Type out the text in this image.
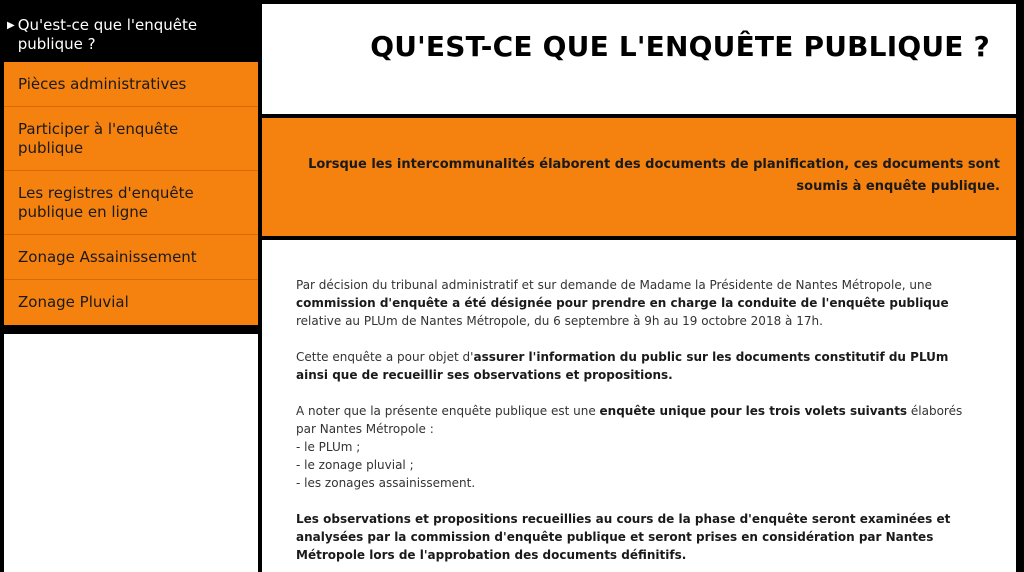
▶ Qu'est-ce que l'enquête publique ?
Pièces administratives
Participer à l'enquête publique
Les registres d'enquête publique en ligne
Zonage Assainissement
Zonage Pluvial
QU'EST-CE QUE L'ENQUÊTE PUBLIQUE ?
Lorsque les intercommunalités élaborent des documents de planification, ces documents sont soumis à enquête publique.

Par décision du tribunal administratif et sur demande de Madame la Présidente de Nantes Métropole, une commission d'enquête a été désignée pour prendre en charge la conduite de l'enquête publique relative au PLUm de Nantes Métropole, du 6 septembre à 9h au 19 octobre 2018 à 17h.

Cette enquête a pour objet d'assurer l'information du public sur les documents constitutif du PLUm ainsi que de recueillir ses observations et propositions.

A noter que la présente enquête publique est une enquête unique pour les trois volets suivants élaborés par Nantes Métropole :
- le PLUm ;
- le zonage pluvial ;
- les zonages assainissement.

Les observations et propositions recueillies au cours de la phase d'enquête seront examinées et analysées par la commission d'enquête publique et seront prises en considération par Nantes Métropole lors de l'approbation des documents définitifs.
